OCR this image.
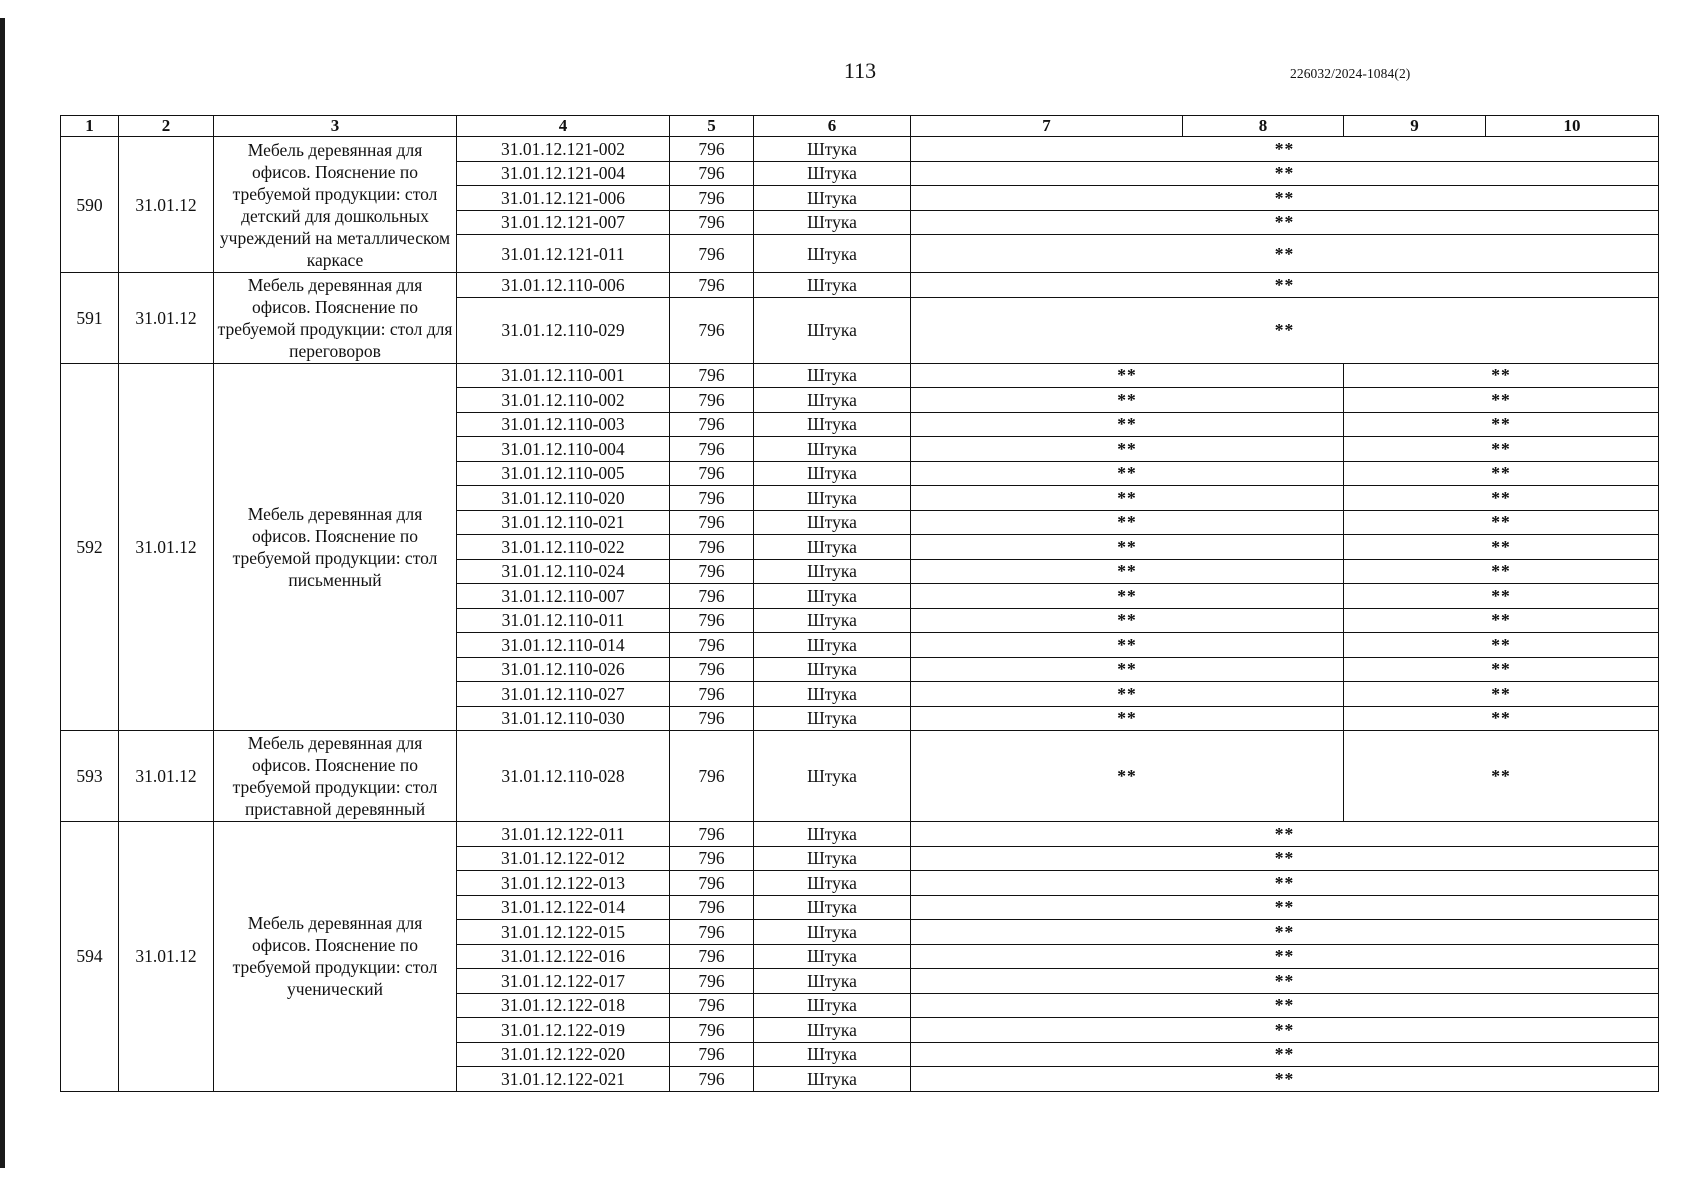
113	226032/2024-1084(2)
1	2	3	4	5	6	7	8	9	10
590	31.01.12	Мебель деревянная для офисов. Пояснение по требуемой продукции: стол детский для дошкольных учреждений на металлическом каркасе	31.01.12.121-002	796	Штука	**			
			31.01.12.121-004	796	Штука	**			
			31.01.12.121-006	796	Штука	**			
			31.01.12.121-007	796	Штука	**			
			31.01.12.121-011	796	Штука	**			
591	31.01.12	Мебель деревянная для офисов. Пояснение по требуемой продукции: стол для переговоров	31.01.12.110-006	796	Штука	**			
			31.01.12.110-029	796	Штука	**			
592	31.01.12	Мебель деревянная для офисов. Пояснение по требуемой продукции: стол письменный	31.01.12.110-001	796	Штука	**		**	
			31.01.12.110-002	796	Штука	**		**	
			31.01.12.110-003	796	Штука	**		**	
			31.01.12.110-004	796	Штука	**		**	
			31.01.12.110-005	796	Штука	**		**	
			31.01.12.110-020	796	Штука	**		**	
			31.01.12.110-021	796	Штука	**		**	
			31.01.12.110-022	796	Штука	**		**	
			31.01.12.110-024	796	Штука	**		**	
			31.01.12.110-007	796	Штука	**		**	
			31.01.12.110-011	796	Штука	**		**	
			31.01.12.110-014	796	Штука	**		**	
			31.01.12.110-026	796	Штука	**		**	
			31.01.12.110-027	796	Штука	**		**	
			31.01.12.110-030	796	Штука	**		**	
593	31.01.12	Мебель деревянная для офисов. Пояснение по требуемой продукции: стол приставной деревянный	31.01.12.110-028	796	Штука	**		**	
594	31.01.12	Мебель деревянная для офисов. Пояснение по требуемой продукции: стол ученический	31.01.12.122-011	796	Штука	**			
			31.01.12.122-012	796	Штука	**			
			31.01.12.122-013	796	Штука	**			
			31.01.12.122-014	796	Штука	**			
			31.01.12.122-015	796	Штука	**			
			31.01.12.122-016	796	Штука	**			
			31.01.12.122-017	796	Штука	**			
			31.01.12.122-018	796	Штука	**			
			31.01.12.122-019	796	Штука	**			
			31.01.12.122-020	796	Штука	**			
			31.01.12.122-021	796	Штука	**			
